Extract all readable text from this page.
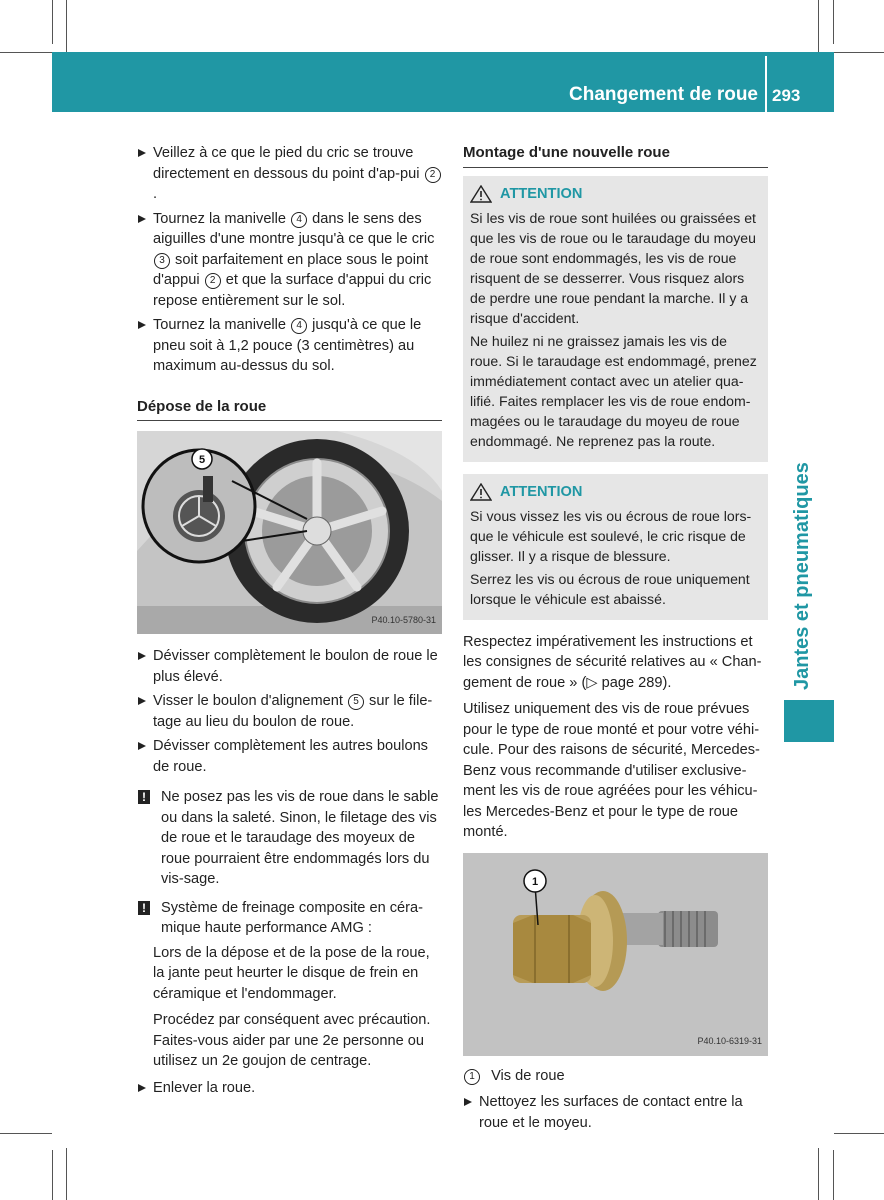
Changement de roue 293
Jantes et pneumatiques
Veillez à ce que le pied du cric se trouve directement en dessous du point d'ap-pui 2.
Tournez la manivelle 4 dans le sens des aiguilles d'une montre jusqu'à ce que le cric 3 soit parfaitement en place sous le point d'appui 2 et que la surface d'appui du cric repose entièrement sur le sol.
Tournez la manivelle 4 jusqu'à ce que le pneu soit à 1,2 pouce (3 centimètres) au maximum au-dessus du sol.
Dépose de la roue
5
P40.10-5780-31
Dévisser complètement le boulon de roue le plus élevé.
Visser le boulon d'alignement 5 sur le file-tage au lieu du boulon de roue.
Dévisser complètement les autres boulons de roue.
! Ne posez pas les vis de roue dans le sable ou dans la saleté. Sinon, le filetage des vis de roue et le taraudage des moyeux de roue pourraient être endommagés lors du vis-sage.
! Système de freinage composite en céra-mique haute performance AMG :

Lors de la dépose et de la pose de la roue, la jante peut heurter le disque de frein en céramique et l'endommager.

Procédez par conséquent avec précaution. Faites-vous aider par une 2e personne ou utilisez un 2e goujon de centrage.

Enlever la roue.
Montage d'une nouvelle roue
ATTENTION

Si les vis de roue sont huilées ou graissées et que les vis de roue ou le taraudage du moyeu de roue sont endommagés, les vis de roue risquent de se desserrer. Vous risquez alors de perdre une roue pendant la marche. Il y a risque d'accident.

Ne huilez ni ne graissez jamais les vis de roue. Si le taraudage est endommagé, prenez immédiatement contact avec un atelier qua-lifié. Faites remplacer les vis de roue endom-magées ou le taraudage du moyeu de roue endommagé. Ne reprenez pas la route.

ATTENTION

Si vous vissez les vis ou écrous de roue lors-que le véhicule est soulevé, le cric risque de glisser. Il y a risque de blessure.

Serrez les vis ou écrous de roue uniquement lorsque le véhicule est abaissé.

Respectez impérativement les instructions et les consignes de sécurité relatives au « Chan-gement de roue » (▷ page 289).

Utilisez uniquement des vis de roue prévues pour le type de roue monté et pour votre véhi-cule. Pour des raisons de sécurité, Mercedes-Benz vous recommande d'utiliser exclusive-ment les vis de roue agréées pour les véhicu-les Mercedes-Benz et pour le type de roue monté.

1
P40.10-6319-31
1 Vis de roue
Nettoyez les surfaces de contact entre la roue et le moyeu.
